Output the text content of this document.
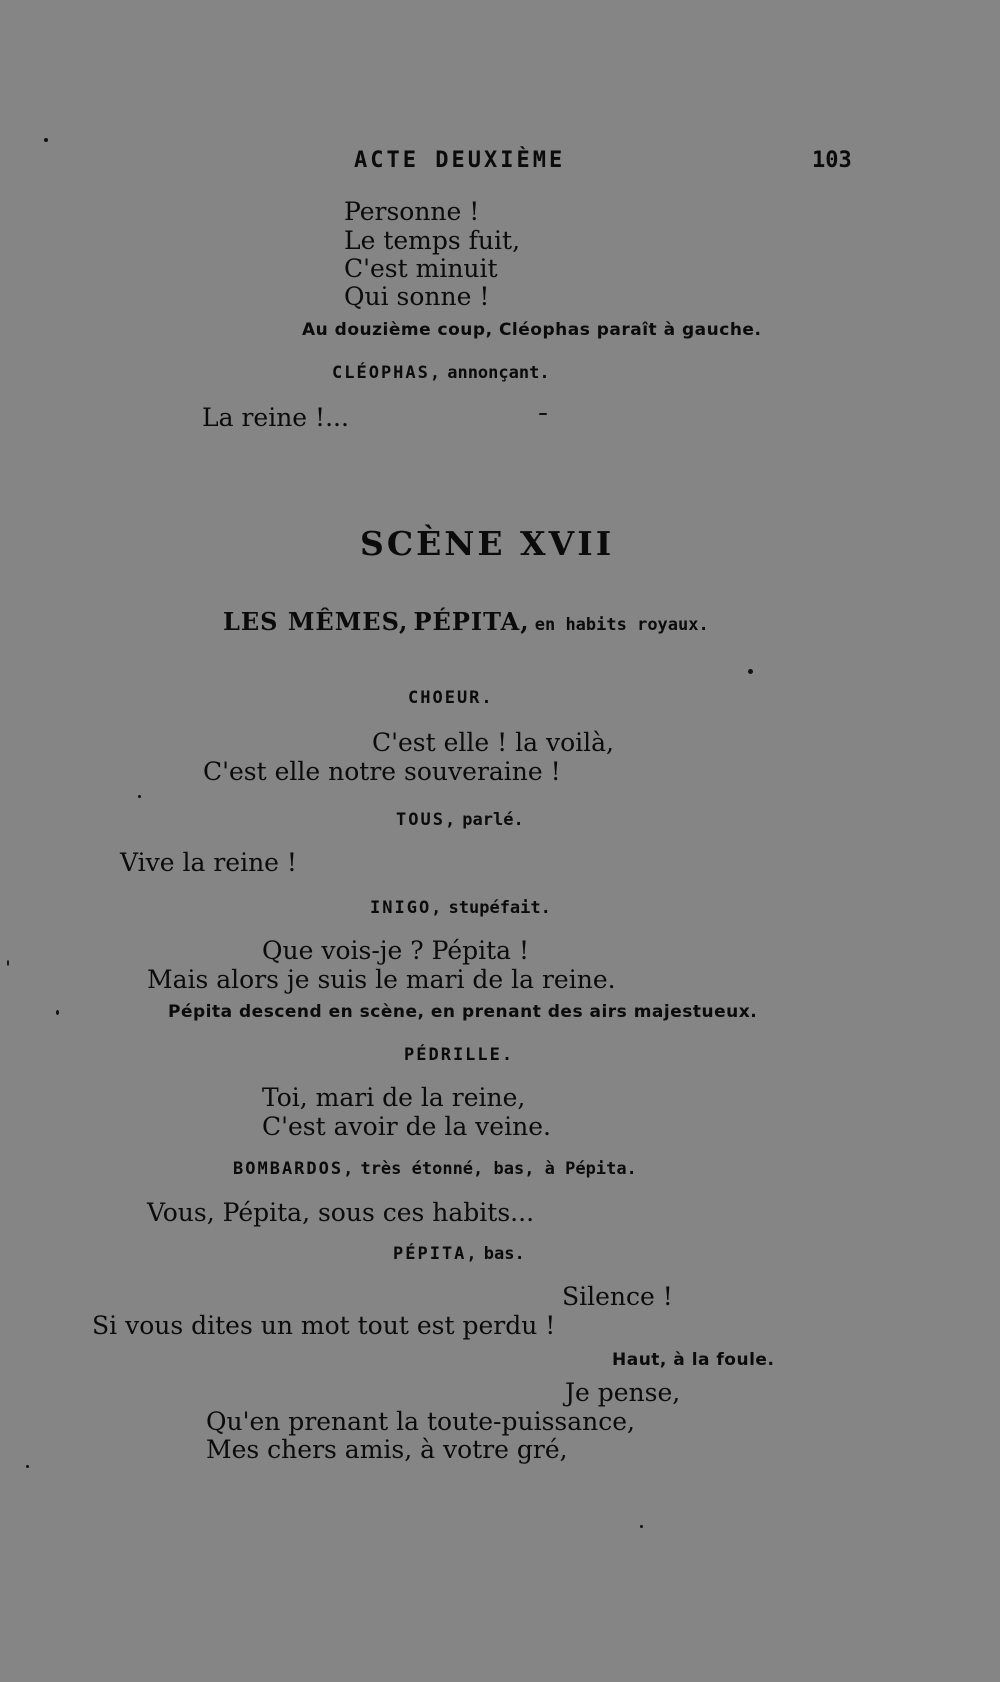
ACTE DEUXIÈME	103
Personne !
Le temps fuit,
C'est minuit
Qui sonne !
Au douzième coup, Cléophas paraît à gauche.
CLÉOPHAS, annonçant.
La reine !...
SCÈNE XVII
LES MÊMES, PÉPITA, en habits royaux.
CHOEUR.
C'est elle ! la voilà,
C'est elle notre souveraine !
TOUS, parlé.
Vive la reine !
INIGO, stupéfait.
Que vois-je ? Pépita !
Mais alors je suis le mari de la reine.
Pépita descend en scène, en prenant des airs majestueux.
PÉDRILLE.
Toi, mari de la reine,
C'est avoir de la veine.
BOMBARDOS, très étonné, bas, à Pépita.
Vous, Pépita, sous ces habits...
PÉPITA, bas.
Silence !
Si vous dites un mot tout est perdu !
Haut, à la foule.
Je pense,
Qu'en prenant la toute-puissance,
Mes chers amis, à votre gré,
